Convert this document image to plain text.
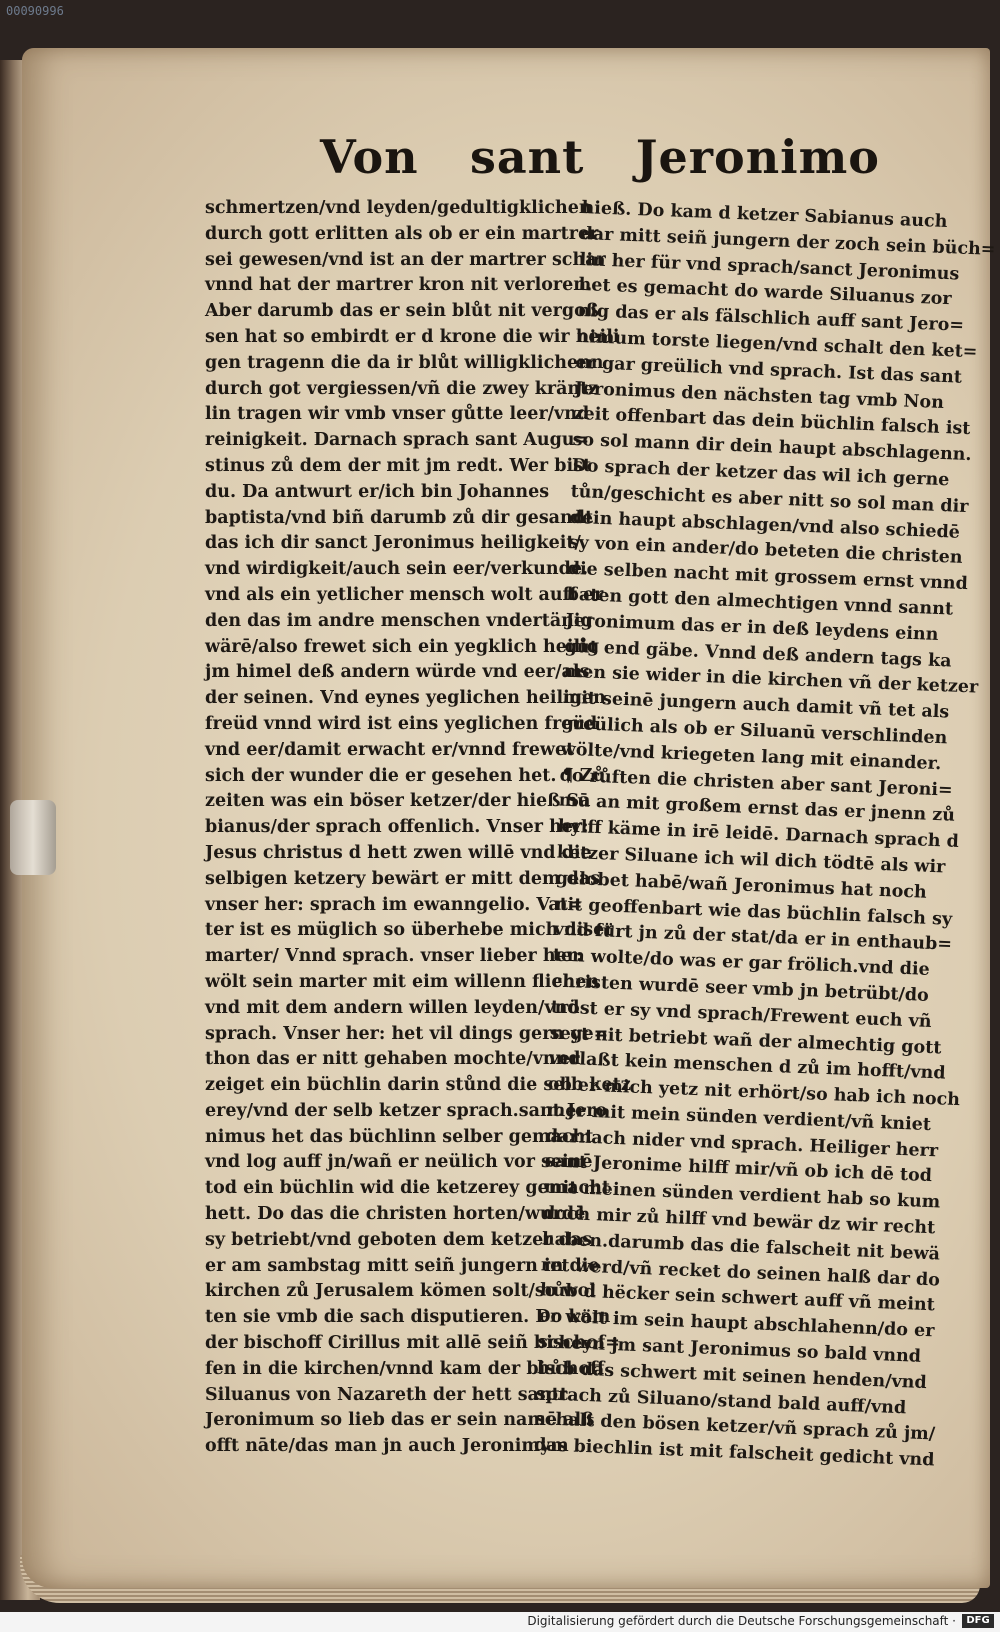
00090996
Von sant Jeronimo
schmertzen/vnd leyden/gedultigklichen
durch gott erlitten als ob er ein martrer
sei gewesen/vnd ist an der martrer schar
vnnd hat der martrer kron nit verloren.
Aber darumb das er sein blůt nit vergoß
sen hat so embirdt er d krone die wir heili
gen tragenn die da ir blůt willigklichenn
durch got vergiessen/vñ die zwey kräntz
lin tragen wir vmb vnser gůtte leer/vnd
reinigkeit. Darnach sprach sant Augu=
stinus zů dem der mit jm redt. Wer bist
du. Da antwurt er/ich bin Johannes
baptista/vnd biñ darumb zů dir gesandt
das ich dir sanct Jeronimus heiligkeit/
vnd wirdigkeit/auch sein eer/verkunde.
vnd als ein yetlicher mensch wolt auff er
den das im andre menschen vndertänig
wärē/also frewet sich ein yegklich heilig
jm himel deß andern würde vnd eer/als
der seinen. Vnd eynes yeglichen heiligen
freüd vnnd wird ist eins yeglichen freüd
vnd eer/damit erwacht er/vnnd frewet
sich der wunder die er gesehen het. ¶ Zů
zeiten was ein böser ketzer/der hieß Sa
bianus/der sprach offenlich. Vnser her:
Jesus christus d hett zwen willē vnd die
selbigen ketzery bewärt er mitt dem das
vnser her: sprach im ewanngelio. Vat=
ter ist es müglich so überhebe mich diser
marter/ Vnnd sprach. vnser lieber her:
wölt sein marter mit eim willenn fliehen
vnd mit dem andern willen leyden/vnd
sprach. Vnser her: het vil dings gern ge=
thon das er nitt gehaben mochte/vnnd
zeiget ein büchlin darin stůnd die selb ketz
erey/vnd der selb ketzer sprach.sant Jero
nimus het das büchlinn selber gemacht
vnd log auff jn/wañ er neülich vor seinē
tod ein büchlin wid die ketzerey gemacht
hett. Do das die christen horten/wurdē
sy betriebt/vnd geboten dem ketzer das
er am sambstag mitt seiñ jungern in die
kirchen zů Jerusalem kömen solt/so wol
ten sie vmb die sach disputieren. Do kam
der bischoff Cirillus mit allē seiñ bischof=
fen in die kirchen/vnnd kam der bischoff
Siluanus von Nazareth der hett santt
Jeronimum so lieb das er sein namē alß
offt nāte/das man jn auch Jeronimym
hieß. Do kam d ketzer Sabianus auch
dar mitt seiñ jungern der zoch sein büch=
lin her für vnd sprach/sanct Jeronimus
het es gemacht do warde Siluanus zor
nig das er als fälschlich auff sant Jero=
nimum torste liegen/vnd schalt den ket=
er gar greülich vnd sprach. Ist das sant
Jeronimus den nächsten tag vmb Non
zeit offenbart das dein büchlin falsch ist
so sol mann dir dein haupt abschlagenn.
Do sprach der ketzer das wil ich gerne
tůn/geschicht es aber nitt so sol man dir
dein haupt abschlagen/vnd also schiedē
sy von ein ander/do beteten die christen
die selben nacht mit grossem ernst vnnd
baten gott den almechtigen vnnd sannt
Jeronimum das er in deß leydens einn
gůt end gäbe. Vnnd deß andern tags ka
men sie wider in die kirchen vñ der ketzer
mit seinē jungern auch damit vñ tet als
greülich als ob er Siluanū verschlinden
wölte/vnd kriegeten lang mit einander.
do růften die christen aber sant Jeroni=
mū an mit großem ernst das er jnenn zů
hylff käme in irē leidē. Darnach sprach d
ketzer Siluane ich wil dich tödtē als wir
gelobet habē/wañ Jeronimus hat noch
nit geoffenbart wie das büchlin falsch sy
vnd fürt jn zů der stat/da er in enthaub=
ten wolte/do was er gar frölich.vnd die
christen wurdē seer vmb jn betrübt/do
tröst er sy vnd sprach/Frewent euch vñ
seyt nit betriebt wañ der almechtig gott
verlaßt kein menschen d zů im hofft/vnd
ob er mich yetz nit erhört/so hab ich noch
mer mit mein sünden verdient/vñ kniet
darnach nider vnd sprach. Heiliger herr
sant Jeronime hilff mir/vñ ob ich dē tod
mit meinen sünden verdient hab so kum
doch mir zů hilff vnd bewär dz wir recht
haben.darumb das die falscheit nit bewä
ret werd/vñ recket do seinen halß dar do
hůb d hëcker sein schwert auff vñ meint
er wölt im sein haupt abschlahenn/do er
scheyn jm sant Jeronimus so bald vnnd
hůb das schwert mit seinen henden/vnd
sprach zů Siluano/stand bald auff/vnd
schalt den bösen ketzer/vñ sprach zů jm/
das biechlin ist mit falscheit gedicht vnd
Digitalisierung gefördert durch die Deutsche Forschungsgemeinschaft ·	DFG
